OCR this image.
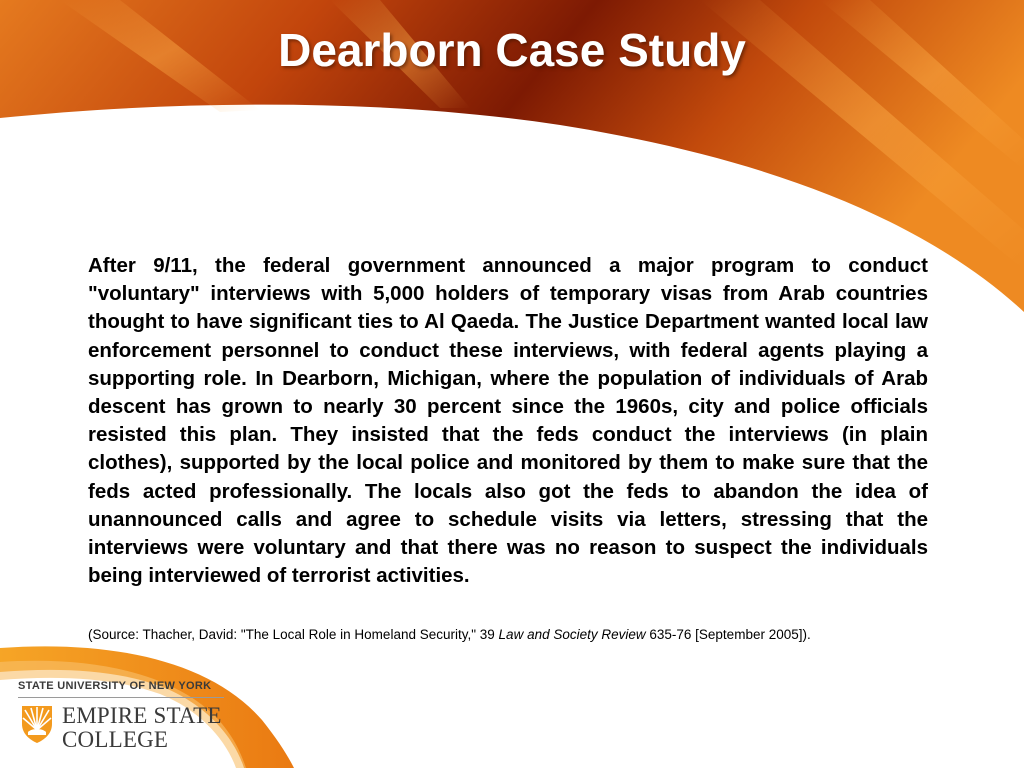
Dearborn Case Study

After 9/11, the federal government announced a major program to conduct "voluntary" interviews with 5,000 holders of temporary visas from Arab countries thought to have significant ties to Al Qaeda. The Justice Department wanted local law enforcement personnel to conduct these interviews, with federal agents playing a supporting role. In Dearborn, Michigan, where the population of individuals of Arab descent has grown to nearly 30 percent since the 1960s, city and police officials resisted this plan. They insisted that the feds conduct the interviews (in plain clothes), supported by the local police and monitored by them to make sure that the feds acted professionally. The locals also got the feds to abandon the idea of unannounced calls and agree to schedule visits via letters, stressing that the interviews were voluntary and that there was no reason to suspect the individuals being interviewed of terrorist activities.

(Source: Thacher, David: "The Local Role in Homeland Security," 39 Law and Society Review 635-76 [September 2005]).

STATE UNIVERSITY OF NEW YORK
EMPIRE STATE
COLLEGE
